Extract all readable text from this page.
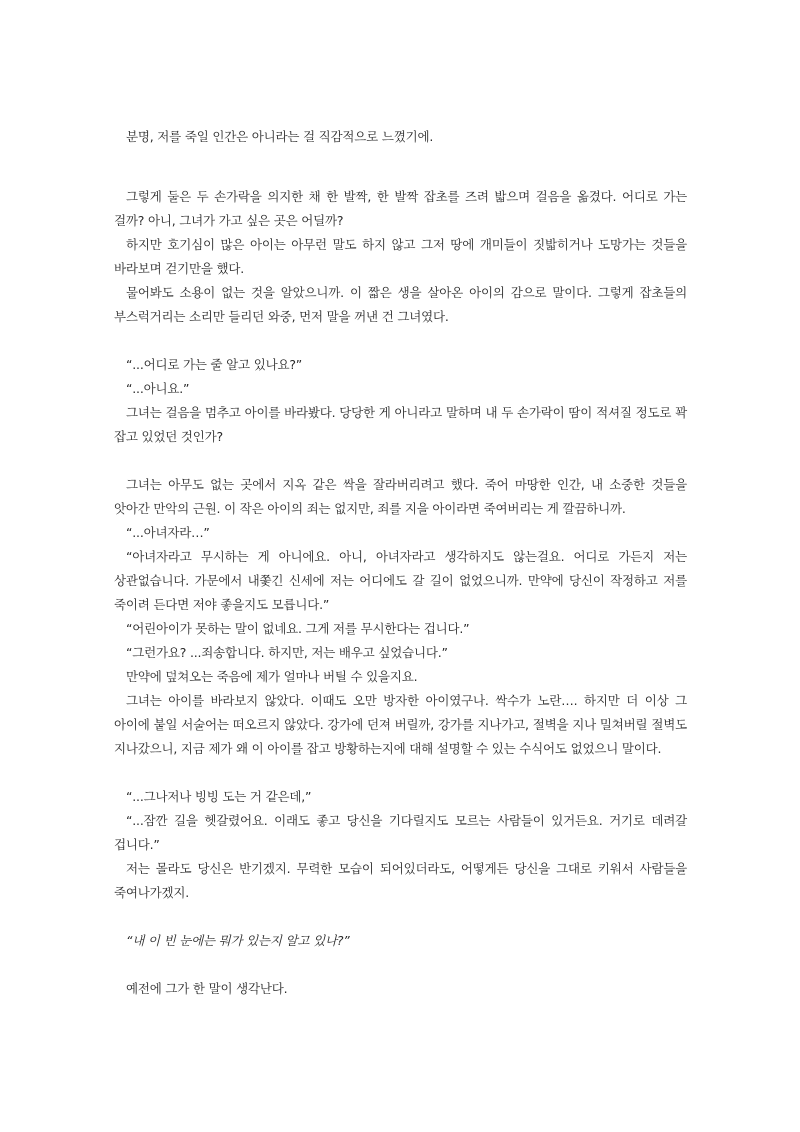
분명, 저를 죽일 인간은 아니라는 걸 직감적으로 느꼈기에.

그렇게 둘은 두 손가락을 의지한 채 한 발짝, 한 발짝 잡초를 즈려 밟으며 걸음을 옮겼다. 어디로 가는 걸까? 아니, 그녀가 가고 싶은 곳은 어딜까?

하지만 호기심이 많은 아이는 아무런 말도 하지 않고 그저 땅에 개미들이 짓밟히거나 도망가는 것들을 바라보며 걷기만을 했다.

물어봐도 소용이 없는 것을 알았으니까. 이 짧은 생을 살아온 아이의 감으로 말이다. 그렇게 잡초들의 부스럭거리는 소리만 들리던 와중, 먼저 말을 꺼낸 건 그녀였다.

“...어디로 가는 줄 알고 있나요?”

“...아니요.”

그녀는 걸음을 멈추고 아이를 바라봤다. 당당한 게 아니라고 말하며 내 두 손가락이 땀이 적셔질 정도로 꽉 잡고 있었던 것인가?

그녀는 아무도 없는 곳에서 지옥 같은 싹을 잘라버리려고 했다. 죽어 마땅한 인간, 내 소중한 것들을 앗아간 만악의 근원. 이 작은 아이의 죄는 없지만, 죄를 지을 아이라면 죽여버리는 게 깔끔하니까.

“...아녀자라…”

“아녀자라고 무시하는 게 아니에요. 아니, 아녀자라고 생각하지도 않는걸요. 어디로 가든지 저는 상관없습니다. 가문에서 내쫓긴 신세에 저는 어디에도 갈 길이 없었으니까. 만약에 당신이 작정하고 저를 죽이려 든다면 저야 좋을지도 모릅니다.”

“어린아이가 못하는 말이 없네요. 그게 저를 무시한다는 겁니다.”

“그런가요? ...죄송합니다. 하지만, 저는 배우고 싶었습니다.”

만약에 덮쳐오는 죽음에 제가 얼마나 버틸 수 있을지요.

그녀는 아이를 바라보지 않았다. 이때도 오만 방자한 아이였구나. 싹수가 노란…. 하지만 더 이상 그 아이에 붙일 서술어는 떠오르지 않았다. 강가에 던져 버릴까, 강가를 지나가고, 절벽을 지나 밀쳐버릴 절벽도 지나갔으니, 지금 제가 왜 이 아이를 잡고 방황하는지에 대해 설명할 수 있는 수식어도 없었으니 말이다.

“...그나저나 빙빙 도는 거 같은데,”

“...잠깐 길을 헷갈렸어요. 이래도 좋고 당신을 기다릴지도 모르는 사람들이 있거든요. 거기로 데려갈 겁니다.”

저는 몰라도 당신은 반기겠지. 무력한 모습이 되어있더라도, 어떻게든 당신을 그대로 키워서 사람들을 죽여나가겠지.

“내 이 빈 눈에는 뭐가 있는지 알고 있나?”

예전에 그가 한 말이 생각난다.
